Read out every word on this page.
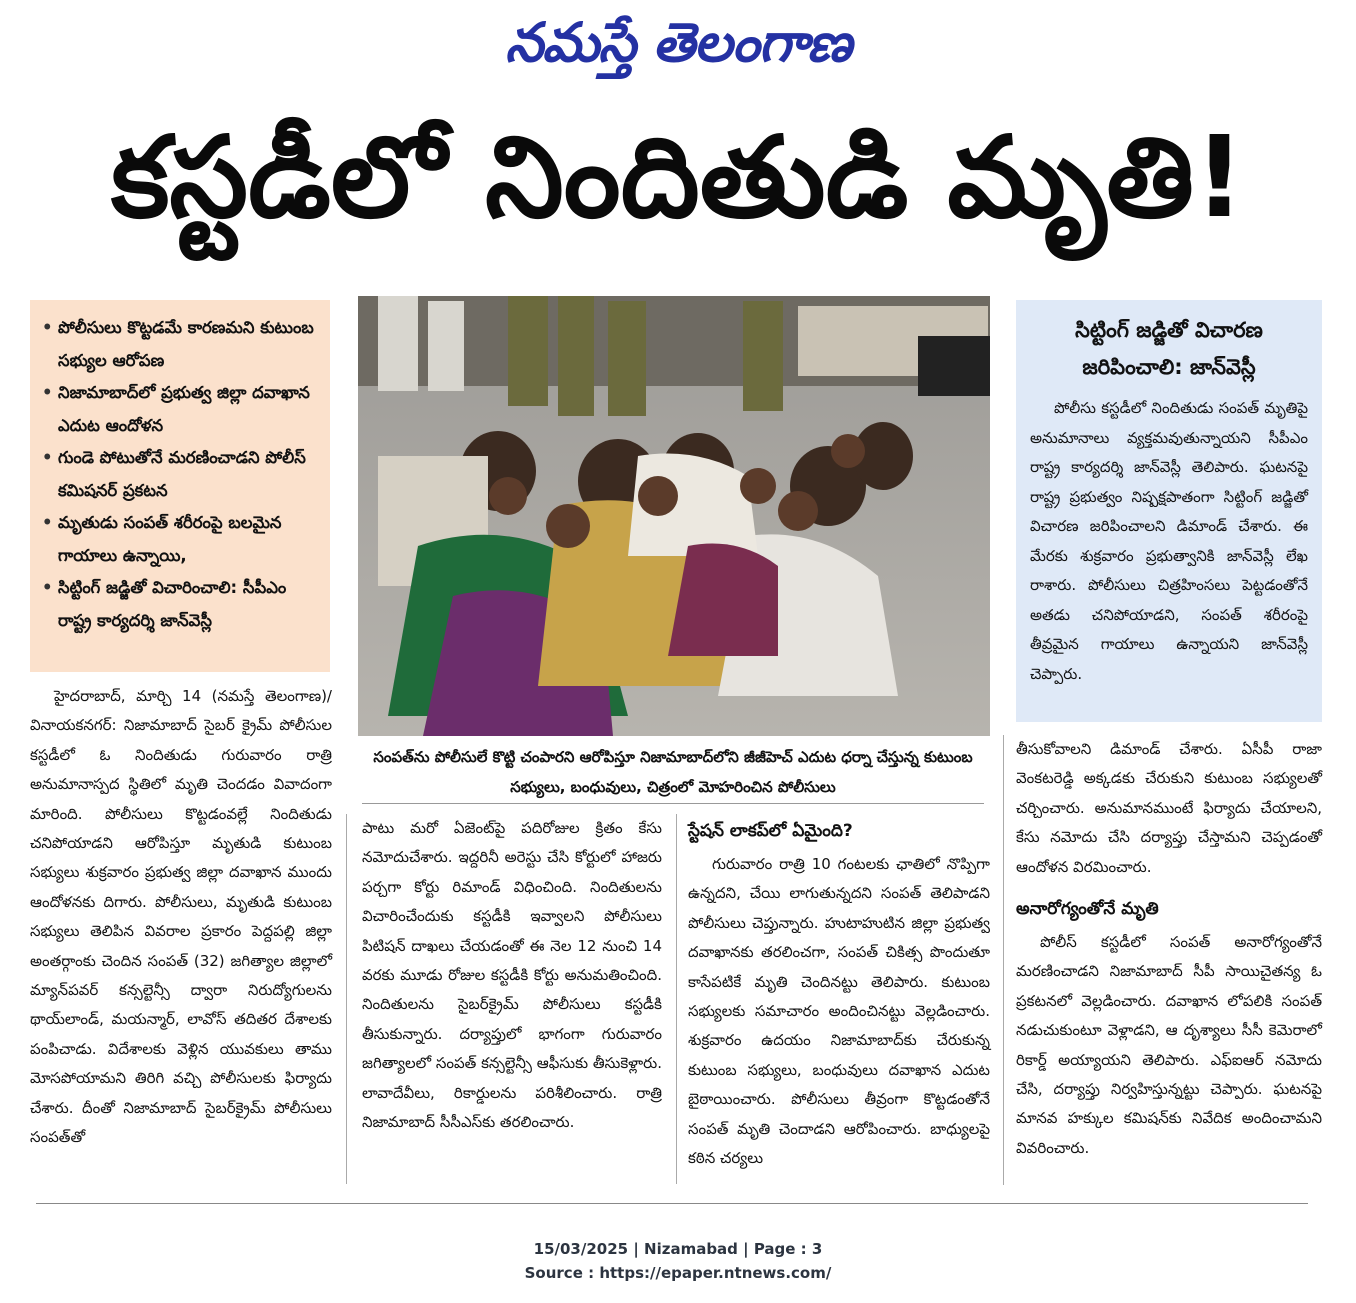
నమస్తే తెలంగాణ
కస్టడీలో నిందితుడి మృతి!
• పోలీసులు కొట్టడమే కారణమని కుటుంబ సభ్యుల ఆరోపణ
• నిజామాబాద్‌లో ప్రభుత్వ జిల్లా దవాఖాన ఎదుట ఆందోళన
• గుండె పోటుతోనే మరణించాడని పోలీస్ కమిషనర్ ప్రకటన
• మృతుడు సంపత్ శరీరంపై బలమైన గాయాలు ఉన్నాయి,
• సిట్టింగ్ జడ్జితో విచారించాలి: సీపీఎం రాష్ట్ర కార్యదర్శి జాన్‌వెస్లీ
సంపత్‌ను పోలీసులే కొట్టి చంపారని ఆరోపిస్తూ నిజామాబాద్‌లోని జీజీహెచ్ ఎదుట ధర్నా చేస్తున్న కుటుంబ సభ్యులు, బంధువులు, చిత్రంలో మోహరించిన పోలీసులు
సిట్టింగ్ జడ్జితో విచారణ జరిపించాలి: జాన్‌వెస్లీ

పోలీసు కస్టడీలో నిందితుడు సంపత్ మృతిపై అనుమానాలు వ్యక్తమవుతున్నాయని సీపీఎం రాష్ట్ర కార్యదర్శి జాన్‌వెస్లీ తెలిపారు. ఘటనపై రాష్ట్ర ప్రభుత్వం నిష్పక్షపాతంగా సిట్టింగ్ జడ్జితో విచారణ జరిపించాలని డిమాండ్ చేశారు. ఈ మేరకు శుక్రవారం ప్రభుత్వానికి జాన్‌వెస్లీ లేఖ రాశారు. పోలీసులు చిత్రహింసలు పెట్టడంతోనే అతడు చనిపోయాడని, సంపత్ శరీరంపై తీవ్రమైన గాయాలు ఉన్నాయని జాన్‌వెస్లీ చెప్పారు.

హైదరాబాద్, మార్చి 14 (నమస్తే తెలంగాణ)/వినాయకనగర్: నిజామాబాద్ సైబర్ క్రైమ్ పోలీసుల కస్టడీలో ఓ నిందితుడు గురువారం రాత్రి అనుమానాస్పద స్థితిలో మృతి చెందడం వివాదంగా మారింది. పోలీసులు కొట్టడంవల్లే నిందితుడు చనిపోయాడని ఆరోపిస్తూ మృతుడి కుటుంబ సభ్యులు శుక్రవారం ప్రభుత్వ జిల్లా దవాఖాన ముందు ఆందోళనకు దిగారు. పోలీసులు, మృతుడి కుటుంబ సభ్యులు తెలిపిన వివరాల ప్రకారం పెద్దపల్లి జిల్లా అంతర్గాంకు చెందిన సంపత్ (32) జగిత్యాల జిల్లాలో మ్యాన్‌పవర్ కన్సల్టెన్సీ ద్వారా నిరుద్యోగులను థాయ్‌లాండ్, మయన్మార్, లావోస్ తదితర దేశాలకు పంపిచాడు. విదేశాలకు వెళ్లిన యువకులు తాము మోసపోయామని తిరిగి వచ్చి పోలీసులకు ఫిర్యాదు చేశారు. దీంతో నిజామాబాద్ సైబర్‌క్రైమ్ పోలీసులు సంపత్‌తో

పాటు మరో ఏజెంట్‌పై పదిరోజుల క్రితం కేసు నమోదుచేశారు. ఇద్దరినీ అరెస్టు చేసి కోర్టులో హాజరు పర్చగా కోర్టు రిమాండ్ విధించింది. నిందితులను విచారించేందుకు కస్టడీకి ఇవ్వాలని పోలీసులు పిటిషన్ దాఖలు చేయడంతో ఈ నెల 12 నుంచి 14 వరకు మూడు రోజుల కస్టడీకి కోర్టు అనుమతించింది. నిందితులను సైబర్‌క్రైమ్ పోలీసులు కస్టడీకి తీసుకున్నారు. దర్యాప్తులో భాగంగా గురువారం జగిత్యాలలో సంపత్ కన్సల్టెన్సీ ఆఫీసుకు తీసుకెళ్లారు. లావాదేవీలు, రికార్డులను పరిశీలించారు. రాత్రి నిజామాబాద్ సీసీఎస్‌కు తరలించారు.

స్టేషన్ లాకప్‌లో ఏమైంది?

గురువారం రాత్రి 10 గంటలకు ఛాతిలో నొప్పిగా ఉన్నదని, చేయి లాగుతున్నదని సంపత్ తెలిపాడని పోలీసులు చెప్తున్నారు. హుటాహుటిన జిల్లా ప్రభుత్వ దవాఖానకు తరలించగా, సంపత్ చికిత్స పొందుతూ కాసేపటికే మృతి చెందినట్టు తెలిపారు. కుటుంబ సభ్యులకు సమాచారం అందించినట్టు వెల్లడించారు. శుక్రవారం ఉదయం నిజామాబాద్‌కు చేరుకున్న కుటుంబ సభ్యులు, బంధువులు దవాఖాన ఎదుట బైఠాయించారు. పోలీసులు తీవ్రంగా కొట్టడంతోనే సంపత్ మృతి చెందాడని ఆరోపించారు. బాధ్యులపై కఠిన చర్యలు

తీసుకోవాలని డిమాండ్ చేశారు. ఏసీపీ రాజా వెంకటరెడ్డి అక్కడకు చేరుకుని కుటుంబ సభ్యులతో చర్చించారు. అనుమానముంటే ఫిర్యాదు చేయాలని, కేసు నమోదు చేసి దర్యాప్తు చేస్తామని చెప్పడంతో ఆందోళన విరమించారు.

అనారోగ్యంతోనే మృతి

పోలీస్ కస్టడీలో సంపత్ అనారోగ్యంతోనే మరణించాడని నిజామాబాద్ సీపీ సాయిచైతన్య ఓ ప్రకటనలో వెల్లడించారు. దవాఖాన లోపలికి సంపత్ నడుచుకుంటూ వెళ్లాడని, ఆ దృశ్యాలు సీసీ కెమెరాలో రికార్డ్ అయ్యాయని తెలిపారు. ఎఫ్ఐఆర్ నమోదు చేసి, దర్యాప్తు నిర్వహిస్తున్నట్టు చెప్పారు. ఘటనపై మానవ హక్కుల కమిషన్‌కు నివేదిక అందించామని వివరించారు.

15/03/2025 | Nizamabad | Page : 3
Source : https://epaper.ntnews.com/
